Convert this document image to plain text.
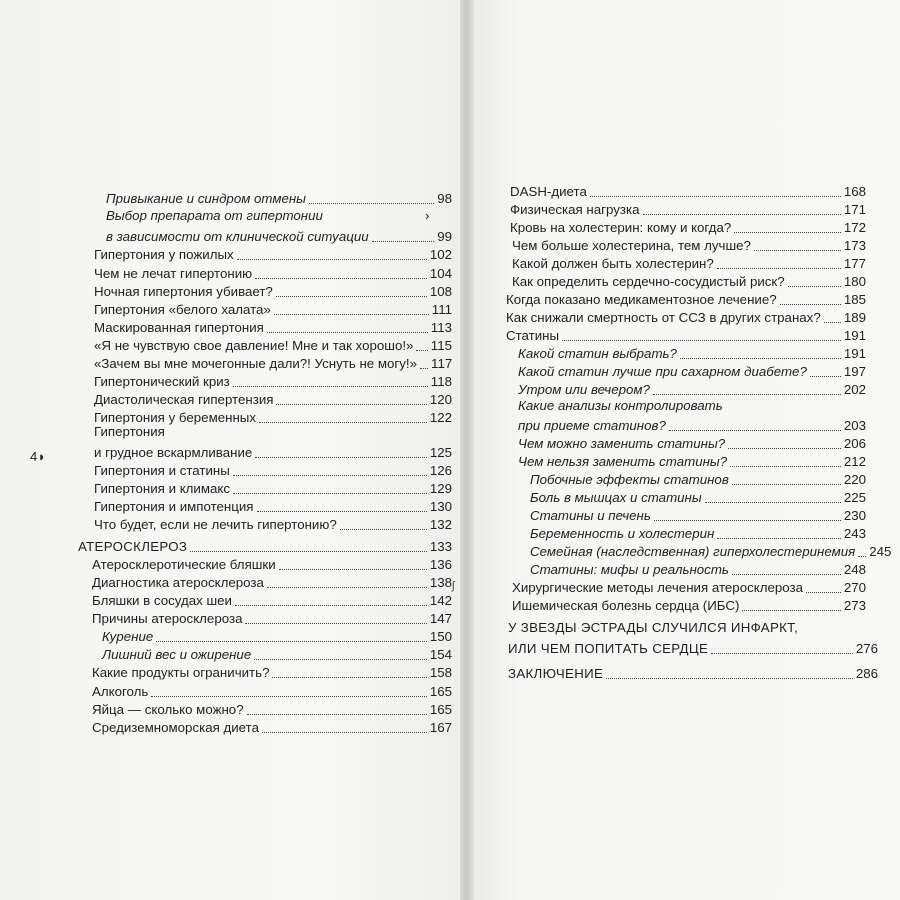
ʃ
4◗
Привыкание и синдром отмены	98
Выбор препарата от гипертонии	›
в зависимости от клинической ситуации	99
Гипертония у пожилых	102
Чем не лечат гипертонию	104
Ночная гипертония убивает?	108
Гипертония «белого халата»	111
Маскированная гипертония	113
«Я не чувствую свое давление! Мне и так хорошо!» 115
«Зачем вы мне мочегонные дали?! Уснуть не могу!» 117
Гипертонический криз	118
Диастолическая гипертензия	120
Гипертония у беременных	122
Гипертония
и грудное вскармливание	125
Гипертония и статины	126
Гипертония и климакс	129
Гипертония и импотенция	130
Что будет, если не лечить гипертонию?	132
АТЕРОСКЛЕРОЗ	133
Атеросклеротические бляшки	136
Диагностика атеросклероза	138
Бляшки в сосудах шеи	142
Причины атеросклероза	147
Курение	150
Лишний вес и ожирение	154
Какие продукты ограничить?	158
Алкоголь	165
Яйца — сколько можно?	165
Средиземноморская диета	167
DASH-диета	168
Физическая нагрузка	171
Кровь на холестерин: кому и когда?	172
Чем больше холестерина, тем лучше?	173
Какой должен быть холестерин?	177
Как определить сердечно-сосудистый риск?	180
Когда показано медикаментозное лечение?	185
Как снижали смертность от ССЗ в других странах? 189
Статины	191
Какой статин выбрать?	191
Какой статин лучше при сахарном диабете?	197
Утром или вечером?	202
Какие анализы контролировать
при приеме статинов?	203
Чем можно заменить статины?	206
Чем нельзя заменить статины?	212
Побочные эффекты статинов	220
Боль в мышцах и статины	225
Статины и печень	230
Беременность и холестерин	243
Семейная (наследственная) гиперхолестеринемия 245
Статины: мифы и реальность	248
Хирургические методы лечения атеросклероза	270
Ишемическая болезнь сердца (ИБС)	273
У ЗВЕЗДЫ ЭСТРАДЫ СЛУЧИЛСЯ ИНФАРКТ,
ИЛИ ЧЕМ ПОПИТАТЬ СЕРДЦЕ	276
ЗАКЛЮЧЕНИЕ	286
